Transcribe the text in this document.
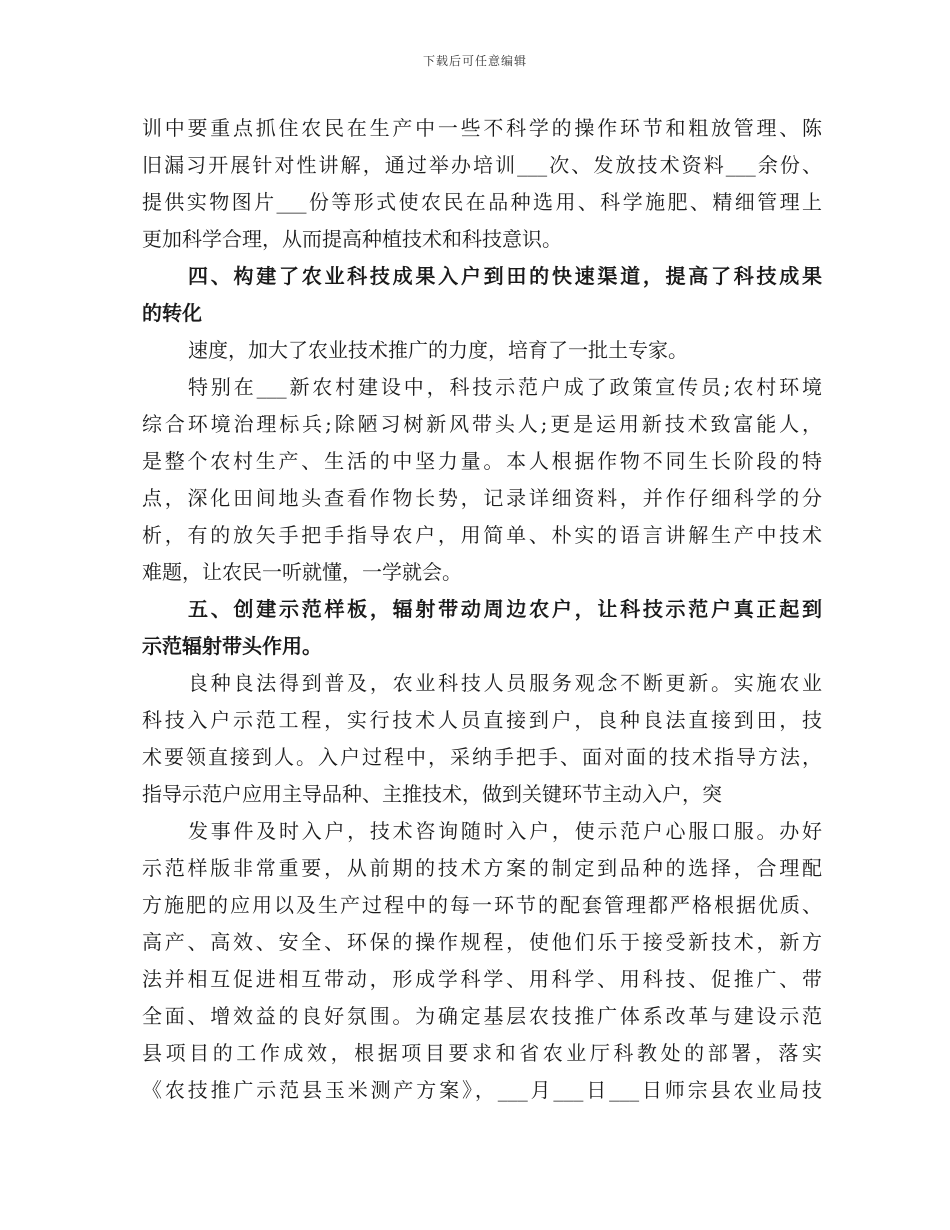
下载后可任意编辑
训中要重点抓住农民在生产中一些不科学的操作环节和粗放管理、陈
旧漏习开展针对性讲解，通过举办培训___次、发放技术资料___余份、
提供实物图片___份等形式使农民在品种选用、科学施肥、精细管理上
更加科学合理，从而提高种植技术和科技意识。
四、构建了农业科技成果入户到田的快速渠道，提高了科技成果
的转化
速度，加大了农业技术推广的力度，培育了一批土专家。
特别在___新农村建设中，科技示范户成了政策宣传员;农村环境
综合环境治理标兵;除陋习树新风带头人;更是运用新技术致富能人，
是整个农村生产、生活的中坚力量。本人根据作物不同生长阶段的特
点，深化田间地头查看作物长势，记录详细资料，并作仔细科学的分
析，有的放矢手把手指导农户，用简单、朴实的语言讲解生产中技术
难题，让农民一听就懂，一学就会。
五、创建示范样板，辐射带动周边农户，让科技示范户真正起到
示范辐射带头作用。
良种良法得到普及，农业科技人员服务观念不断更新。实施农业
科技入户示范工程，实行技术人员直接到户，良种良法直接到田，技
术要领直接到人。入户过程中，采纳手把手、面对面的技术指导方法，
指导示范户应用主导品种、主推技术，做到关键环节主动入户，突
发事件及时入户，技术咨询随时入户，使示范户心服口服。办好
示范样版非常重要，从前期的技术方案的制定到品种的选择，合理配
方施肥的应用以及生产过程中的每一环节的配套管理都严格根据优质、
高产、高效、安全、环保的操作规程，使他们乐于接受新技术，新方
法并相互促进相互带动，形成学科学、用科学、用科技、促推广、带
全面、增效益的良好氛围。为确定基层农技推广体系改革与建设示范
县项目的工作成效，根据项目要求和省农业厅科教处的部署，落实
《农技推广示范县玉米测产方案》，___月___日___日师宗县农业局技
